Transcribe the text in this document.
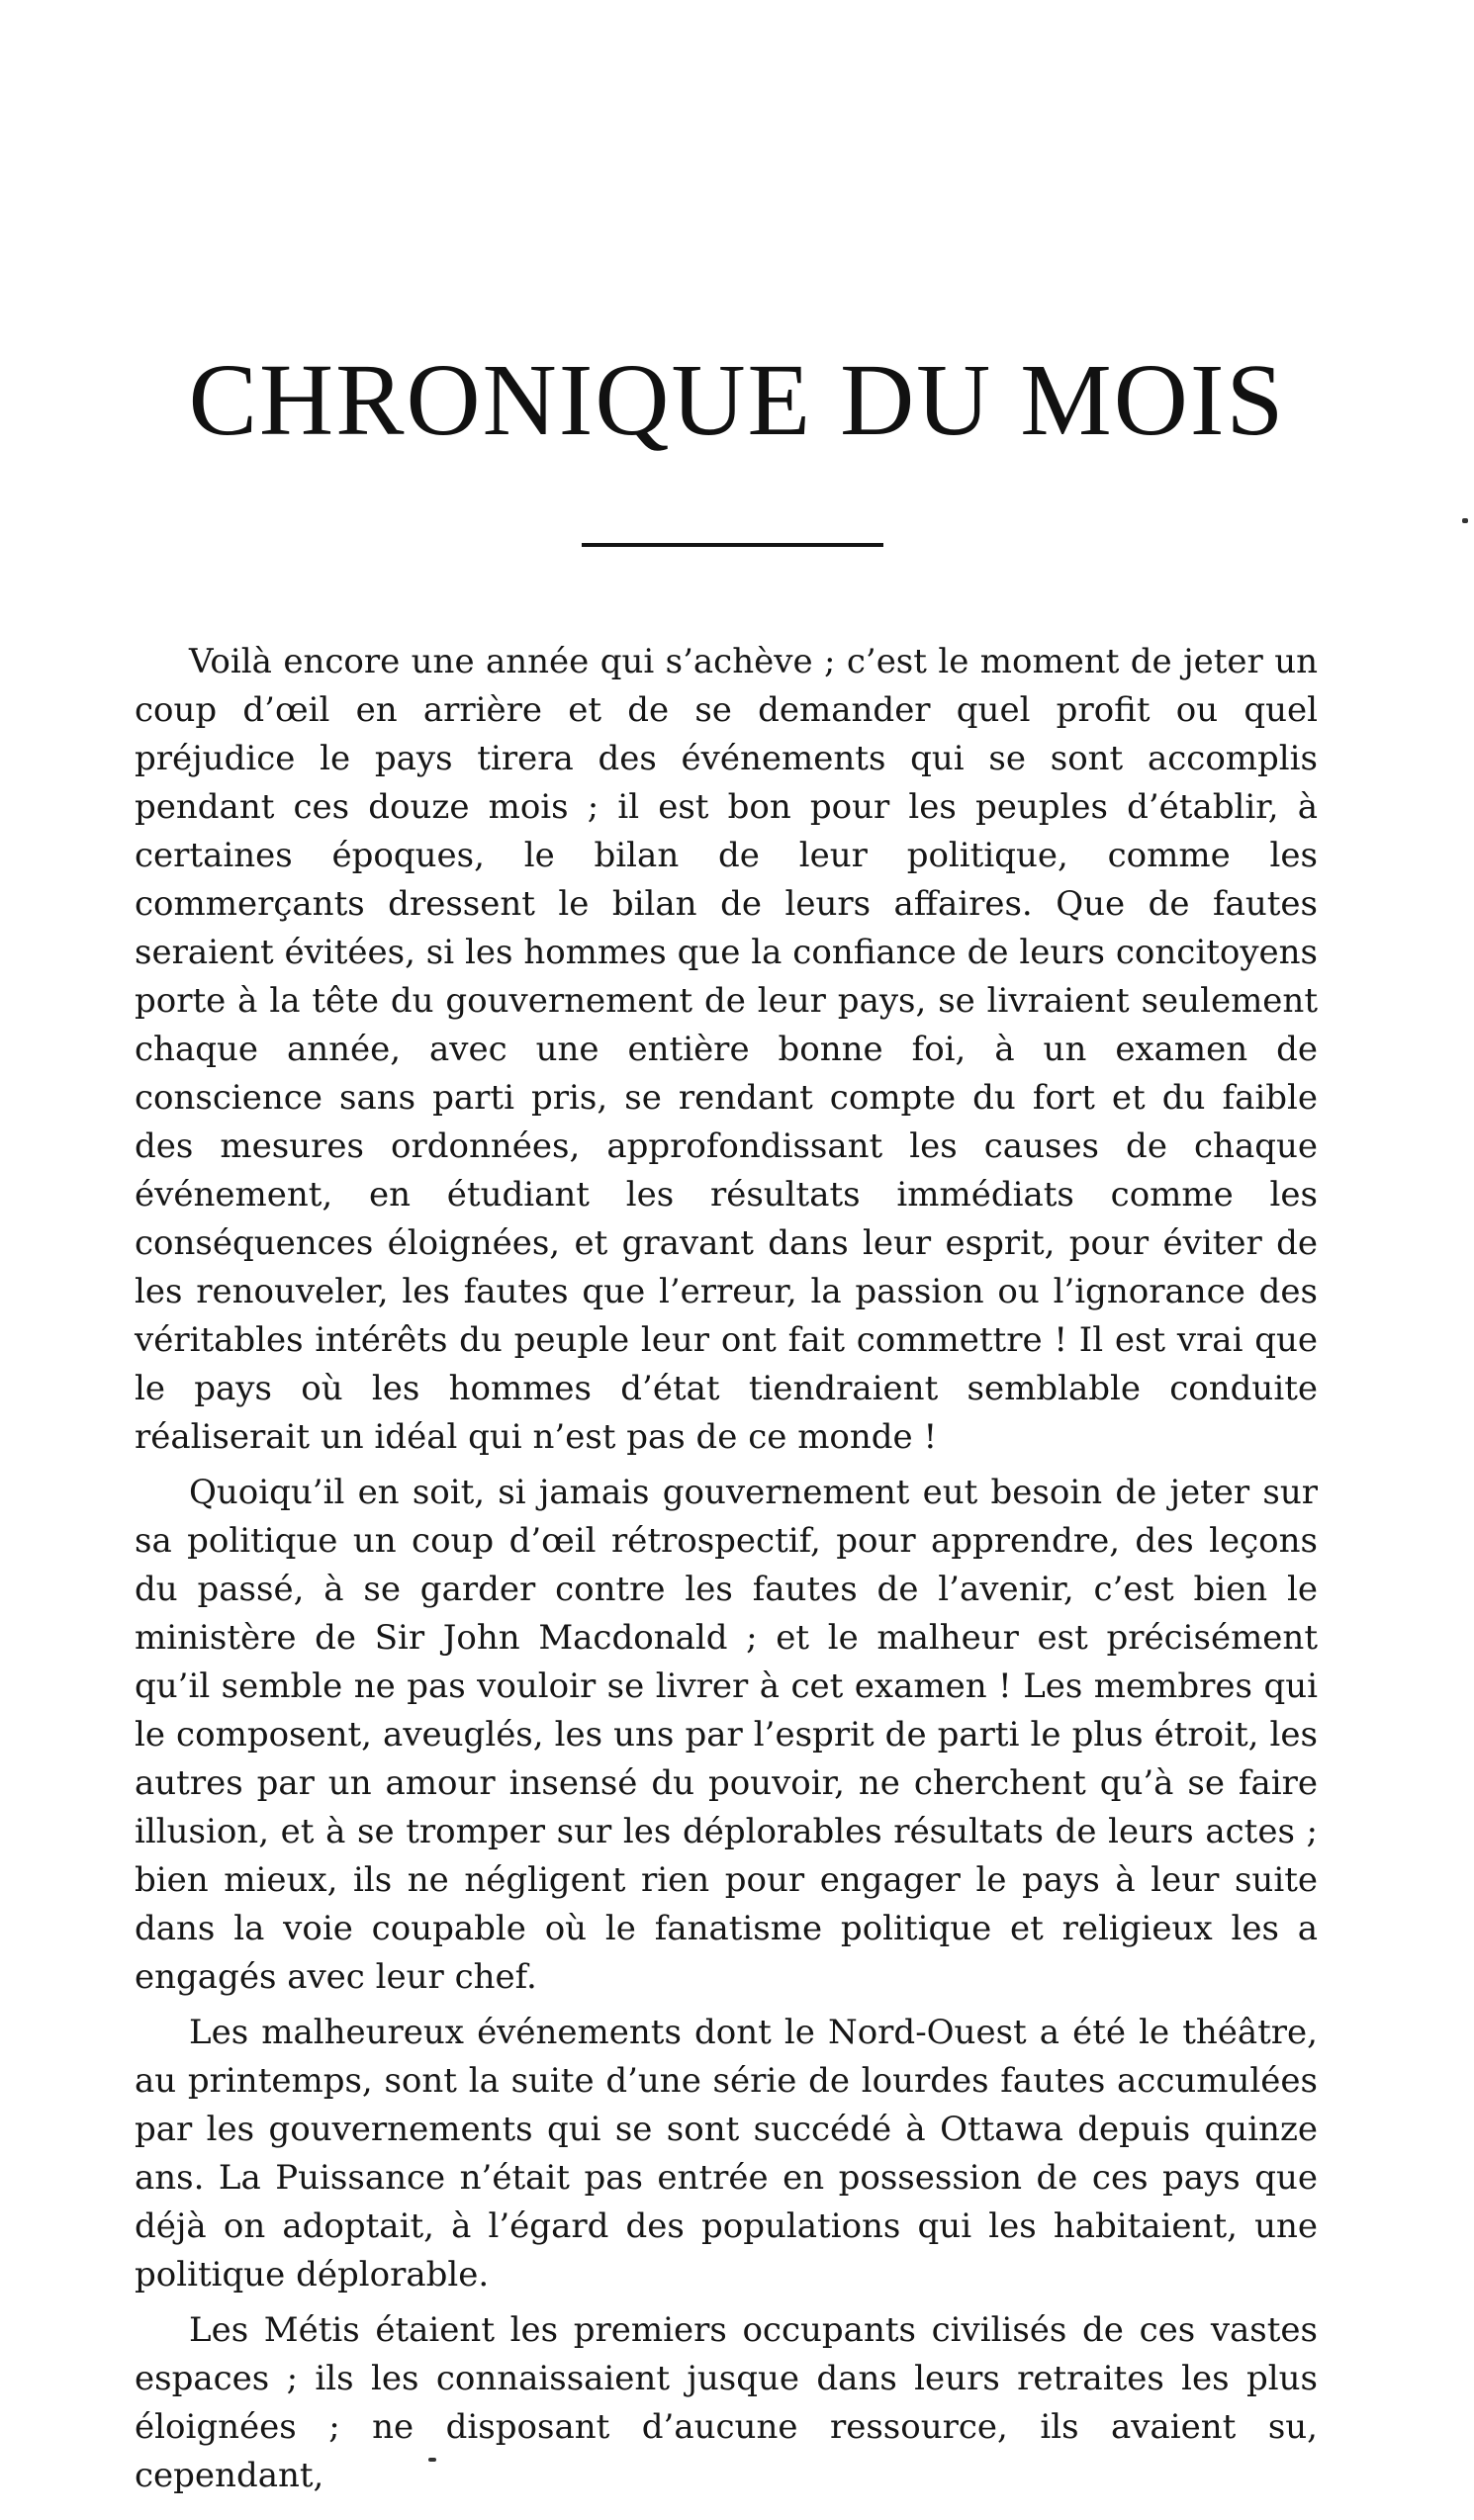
CHRONIQUE DU MOIS

Voilà encore une année qui s’achève ; c’est le moment de jeter un coup d’œil en arrière et de se demander quel profit ou quel préjudice le pays tirera des événements qui se sont accomplis pendant ces douze mois ; il est bon pour les peuples d’établir, à certaines époques, le bilan de leur politique, comme les commerçants dressent le bilan de leurs affaires. Que de fautes seraient évitées, si les hommes que la confiance de leurs concitoyens porte à la tête du gouvernement de leur pays, se livraient seulement chaque année, avec une entière bonne foi, à un examen de conscience sans parti pris, se rendant compte du fort et du faible des mesures ordonnées, approfondissant les causes de chaque événement, en étudiant les résultats immédiats comme les conséquences éloignées, et gravant dans leur esprit, pour éviter de les renouveler, les fautes que l’erreur, la passion ou l’ignorance des véritables intérêts du peuple leur ont fait commettre ! Il est vrai que le pays où les hommes d’état tiendraient semblable conduite réaliserait un idéal qui n’est pas de ce monde !

Quoiqu’il en soit, si jamais gouvernement eut besoin de jeter sur sa politique un coup d’œil rétrospectif, pour apprendre, des leçons du passé, à se garder contre les fautes de l’avenir, c’est bien le ministère de Sir John Macdonald ; et le malheur est précisément qu’il semble ne pas vouloir se livrer à cet examen ! Les membres qui le composent, aveuglés, les uns par l’esprit de parti le plus étroit, les autres par un amour insensé du pouvoir, ne cherchent qu’à se faire illusion, et à se tromper sur les déplorables résultats de leurs actes ; bien mieux, ils ne négligent rien pour engager le pays à leur suite dans la voie coupable où le fanatisme politique et religieux les a engagés avec leur chef.

Les malheureux événements dont le Nord-Ouest a été le théâtre, au printemps, sont la suite d’une série de lourdes fautes accumulées par les gouvernements qui se sont succédé à Ottawa depuis quinze ans. La Puissance n’était pas entrée en possession de ces pays que déjà on adoptait, à l’égard des populations qui les habitaient, une politique déplorable.

Les Métis étaient les premiers occupants civilisés de ces vastes espaces ; ils les connaissaient jusque dans leurs retraites les plus éloignées ; ne disposant d’aucune ressource, ils avaient su, cependant,
